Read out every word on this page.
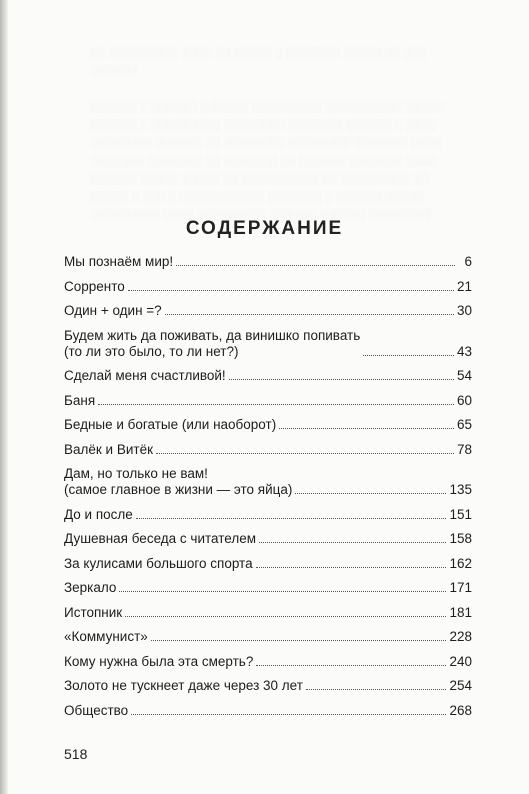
░░ ░░░░░░░░░ ░░░░ ░░ ░░░░░ ░ ░░░░░░░ ░░░░░ ░░ ░░░
░░░░░░

░░░░░░ ░ ░░░░░░ ░ ░░░░░ ░░░░░░░░░ ░░░░░░░░░░ ░░░░░
░░░░░░ ░ ░░░░░░░░░ ░░░░░░░░ ░░░░░░░ ░░░░░░ ░ ░░░░
░░░░░░░░ ░░░░░░ ░░ ░░░░░░░░ ░░░░░░░░ ░░░░░░░ ░░░░
░░░░░░░ ░░░░░░░ ░░ ░░░░░░░ ░░ ░░░░░░ ░░░░░░░ ░░░░
░░░░░░ ░░░░░ ░░░░░ ░░ ░░░░░░░░░░ ░░ ░░░░░░░░░ ░░
░░░░░ ░ ░░░ ░ ░░░░░░░░░░░ ░░░░░░░ ░ ░░░░░░ ░░░░░
░░░░░░░░░ ░░░░ ░░░░░░░░░ ░░░░░░ ░░░░░░ ░░░░░░░░
СОДЕРЖАНИЕ
Мы познаём мир!	6
Сорренто	21
Один + один =?	30
Будем жить да поживать, да винишко попивать
(то ли это было, то ли нет?)	43
Сделай меня счастливой!	54
Баня	60
Бедные и богатые (или наоборот)	65
Валёк и Витёк	78
Дам, но только не вам!
(самое главное в жизни — это яйца)	135
До и после	151
Душевная беседа с читателем	158
За кулисами большого спорта	162
Зеркало	171
Истопник	181
«Коммунист»	228
Кому нужна была эта смерть?	240
Золото не тускнеет даже через 30 лет	254
Общество	268
518
